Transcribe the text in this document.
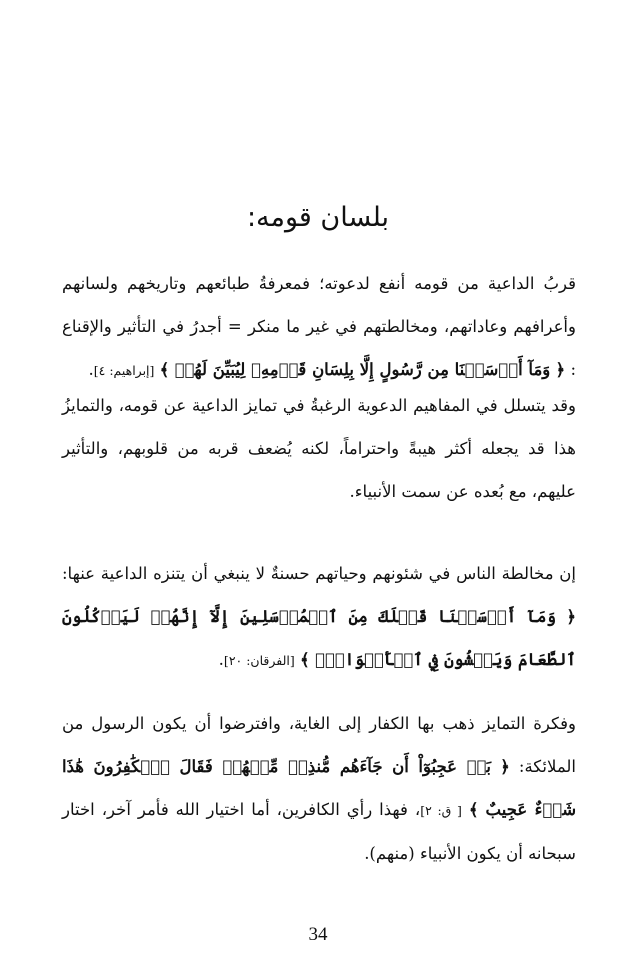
بلسان قومه:

قربُ الداعية من قومه أنفع لدعوته؛ فمعرفةُ طبائعهم وتاريخهم ولسانهم وأعرافهم وعاداتهم، ومخالطتهم في غير ما منكر = أجدرُ في التأثير والإقناع : ﴿ وَمَآ أَرۡسَلۡنَا مِن رَّسُولٍ إِلَّا بِلِسَانِ قَوۡمِهِۦ لِيُبَيِّنَ لَهُمۡ ﴾ [إبراهيم: ٤].

وقد يتسلل في المفاهيم الدعوية الرغبةُ في تمايز الداعية عن قومه، والتمايزُ هذا قد يجعله أكثر هيبةً واحتراماً، لكنه يُضعف قربه من قلوبهم، والتأثير عليهم، مع بُعده عن سمت الأنبياء.

إن مخالطة الناس في شئونهم وحياتهم حسنةٌ لا ينبغي أن يتنزه الداعية عنها: ﴿ وَمَآ أَرۡسَلۡنَا قَبۡلَكَ مِنَ ٱلۡمُرۡسَلِينَ إِلَّآ إِنَّهُمۡ لَيَأۡكُلُونَ ٱلطَّعَامَ وَيَمۡشُونَ فِي ٱلۡأَسۡوَاقِۗ ﴾ [الفرقان: ٢٠].

وفكرة التمايز ذهب بها الكفار إلى الغاية، وافترضوا أن يكون الرسول من الملائكة: ﴿ بَلۡ عَجِبُوٓاْ أَن جَآءَهُم مُّنذِرٞ مِّنۡهُمۡ فَقَالَ ٱلۡكَٰفِرُونَ هَٰذَا شَيۡءٌ عَجِيبٌ ﴾ [ ق: ٢]، فهذا رأي الكافرين، أما اختيار الله فأمر آخر، اختار سبحانه أن يكون الأنبياء (منهم).

34
